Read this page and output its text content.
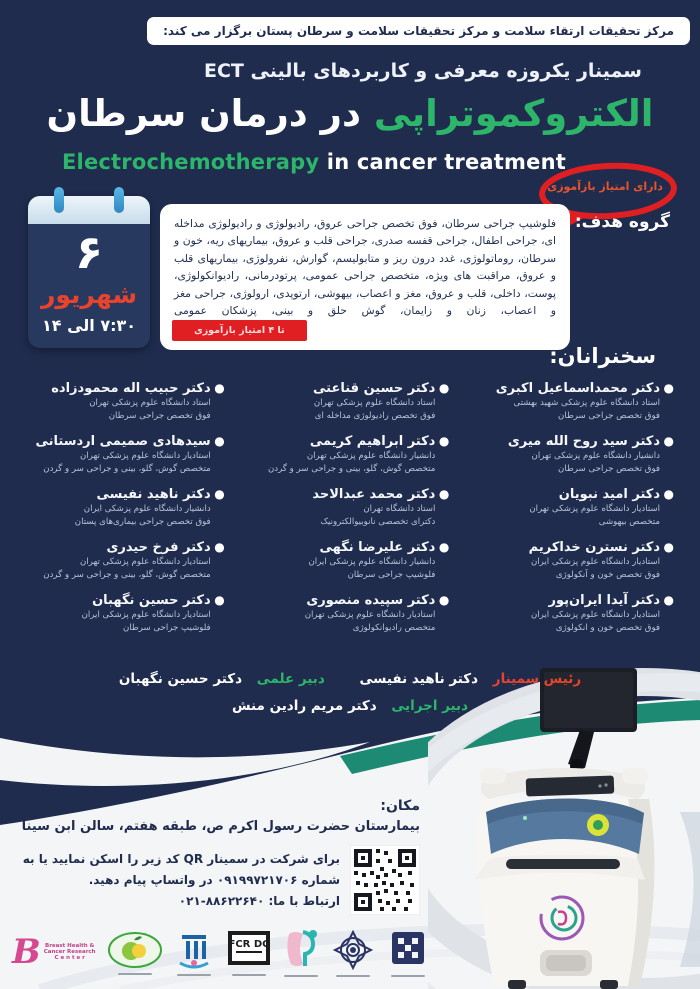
مرکز تحقیقات ارتقاء سلامت و مرکز تحقیقات سلامت و سرطان پستان برگزار می کند:
سمینار یکروزه معرفی و کاربردهای بالینی ECT
الکتروکموتراپی در درمان سرطان
Electrochemotherapy in cancer treatment
دارای امتیاز بازآموزی
۶
شهریور
۷:۳۰ الی ۱۴
گروه هدف:
فلوشیپ جراحی سرطان، فوق تخصص جراحی عروق، رادیولوژی و رادیولوژی مداخله ای، جراحی اطفال، جراحی قفسه صدری، جراحی قلب و عروق، بیماریهای ریه، خون و سرطان، روماتولوژی، غدد درون ریز و متابولیسم، گوارش، نفرولوژی، بیماریهای قلب و عروق، مراقبت های ویژه، متخصص جراحی عمومی، پرتودرمانی، رادیوانکولوژی، پوست، داخلی، قلب و عروق، مغز و اعصاب، بیهوشی، ارتوپدی، ارولوژی، جراحی مغز و اعصاب، زنان و زایمان، گوش حلق و بینی، پزشکان عمومی
تا ۴ امتیاز بازآموزی
سخنرانان:
●
دکتر محمداسماعیل اکبری
استاد دانشگاه علوم پزشکی شهید بهشتی
فوق تخصص جراحی سرطان
●
دکتر سید روح الله میری
دانشیار دانشگاه علوم پزشکی تهران
فوق تخصص جراحی سرطان
●
دکتر امید نبویان
استادیار دانشگاه علوم پزشکی تهران
متخصص بیهوشی
●
دکتر نسترن خداکریم
استادیار دانشگاه علوم پزشکی ایران
فوق تخصص خون و آنکولوژی
●
دکتر آیدا ایران‌پور
استادیار دانشگاه علوم پزشکی ایران
فوق تخصص خون و انکولوژی
●
دکتر حسین قناعتی
استاد دانشگاه علوم پزشکی تهران
فوق تخصص رادیولوژی مداخله ای
●
دکتر ابراهیم کریمی
دانشیار دانشگاه علوم پزشکی تهران
متخصص گوش، گلو، بینی و جراحی سر و گردن
●
دکتر محمد عبدالاحد
استاد دانشگاه تهران
دکترای تخصصی نانوبیوالکترونیک
●
دکتر علیرضا نگهی
دانشیار دانشگاه علوم پزشکی ایران
فلوشیپ جراحی سرطان
●
دکتر سپیده منصوری
استادیار دانشگاه علوم پزشکی تهران
متخصص رادیوانکولوژی
●
دکتر حبیب اله محمودزاده
استاد دانشگاه علوم پزشکی تهران
فوق تخصص جراحی سرطان
●
سیدهادی صمیمی اردستانی
استادیار دانشگاه علوم پزشکی تهران
متخصص گوش، گلو، بینی و جراحی سر و گردن
●
دکتر ناهید نفیسی
دانشیار دانشگاه علوم پزشکی ایران
فوق تخصص جراحی بیماری‌های پستان
●
دکتر فرخ حیدری
استادیار دانشگاه علوم پزشکی تهران
متخصص گوش، گلو، بینی و جراحی سر و گردن
●
دکتر حسین نگهبان
استادیار دانشگاه علوم پزشکی ایران
فلوشیپ جراحی سرطان
رئیس سمینار دکتر ناهید نفیسی دبیر علمی دکتر حسین نگهبان
دبیر اجرایی دکتر مریم رادین منش
مکان:
بیمارستان حضرت رسول اکرم ص، طبقه هفتم، سالن ابن سینا
برای شرکت در سمینار QR کد زیر را اسکن نمایید یا به
شماره ۰۹۱۹۹۷۲۱۷۰۶ در واتساپ پیام دهید.
ارتباط با ما: ۰۲۱-۸۸۶۲۲۶۴۰
B Breast Health &
Cancer Research
C e n t e r
FCR DC
